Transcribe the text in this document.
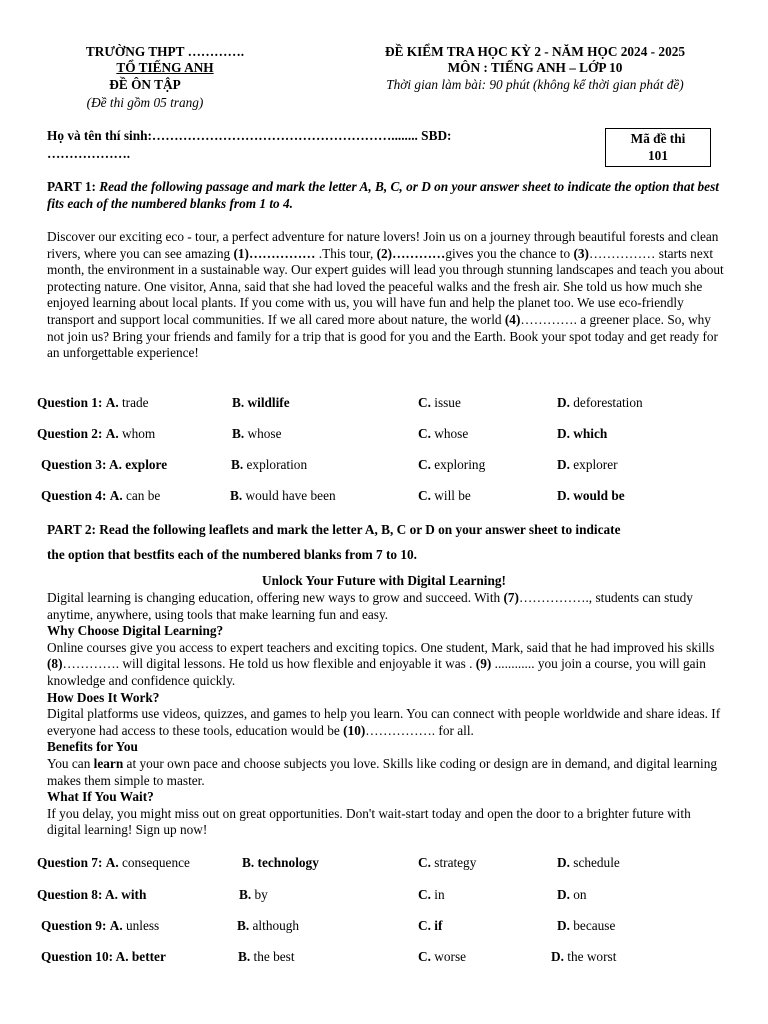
TRƯỜNG THPT ………….
TỔ TIẾNG ANH
ĐỀ ÔN TẬP
(Đề thi gồm 05 trang)
ĐỀ KIỂM TRA HỌC KỲ 2 - NĂM HỌC 2024 - 2025
MÔN : TIẾNG ANH – LỚP 10
Thời gian làm bài: 90 phút (không kể thời gian phát đề)
Họ và tên thí sinh:………………………………………………........ SBD:
……………….
Mã đề thi
101
PART 1: Read the following passage and mark the letter A, B, C, or D on your answer sheet to indicate the option that best fits each of the numbered blanks from 1 to 4.
Discover our exciting eco - tour, a perfect adventure for nature lovers! Join us on a journey through beautiful forests and clean rivers, where you can see amazing (1)…………… .This tour, (2)…………gives you the chance to (3)…………… starts next month, the environment in a sustainable way. Our expert guides will lead you through stunning landscapes and teach you about protecting nature. One visitor, Anna, said that she had loved the peaceful walks and the fresh air. She told us how much she enjoyed learning about local plants. If you come with us, you will have fun and help the planet too. We use eco-friendly transport and support local communities. If we all cared more about nature, the world (4)…………. a greener place. So, why not join us? Bring your friends and family for a trip that is good for you and the Earth. Book your spot today and get ready for an unforgettable experience!
Question 1: A. trade	B. wildlife	C. issue	D. deforestation
Question 2: A. whom	B. whose	C. whose	D. which
Question 3: A. explore	B. exploration	C. exploring	D. explorer
Question 4: A. can be	B. would have been	C. will be	D. would be
PART 2: Read the following leaflets and mark the letter A, B, C or D on your answer sheet to indicate
the option that bestfits each of the numbered blanks from 7 to 10.
Unlock Your Future with Digital Learning!
Digital learning is changing education, offering new ways to grow and succeed. With (7)……………., students can study anytime, anywhere, using tools that make learning fun and easy.
Why Choose Digital Learning?
Online courses give you access to expert teachers and exciting topics. One student, Mark, said that he had improved his skills (8)…………. will digital lessons. He told us how flexible and enjoyable it was . (9) ............ you join a course, you will gain knowledge and confidence quickly.
How Does It Work?
Digital platforms use videos, quizzes, and games to help you learn. You can connect with people worldwide and share ideas. If everyone had access to these tools, education would be (10)……………. for all.
Benefits for You
You can learn at your own pace and choose subjects you love. Skills like coding or design are in demand, and digital learning makes them simple to master.
What If You Wait?
If you delay, you might miss out on great opportunities. Don't wait-start today and open the door to a brighter future with digital learning! Sign up now!
Question 7: A. consequence	B. technology	C. strategy	D. schedule
Question 8: A. with	B. by	C. in	D. on
Question 9: A. unless	B. although	C. if	D. because
Question 10: A. better	B. the best	C. worse	D. the worst
